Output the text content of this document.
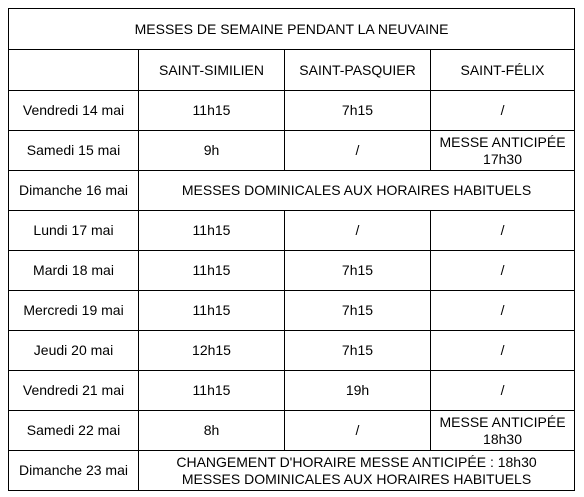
MESSES DE SEMAINE PENDANT LA NEUVAINE			
	SAINT-SIMILIEN	SAINT-PASQUIER	SAINT-FÉLIX
Vendredi 14 mai	11h15	7h15	/
Samedi 15 mai	9h	/	MESSE ANTICIPÉE
17h30

Dimanche 16 mai	MESSES DOMINICALES AUX HORAIRES HABITUELS		
Lundi 17 mai	11h15	/	/
Mardi 18 mai	11h15	7h15	/
Mercredi 19 mai	11h15	7h15	/
Jeudi 20 mai	12h15	7h15	/
Vendredi 21 mai	11h15	19h	/
Samedi 22 mai	8h	/	MESSE ANTICIPÉE
18h30

Dimanche 23 mai	CHANGEMENT D'HORAIRE MESSE ANTICIPÉE : 18h30
MESSES DOMINICALES AUX HORAIRES HABITUELS		
